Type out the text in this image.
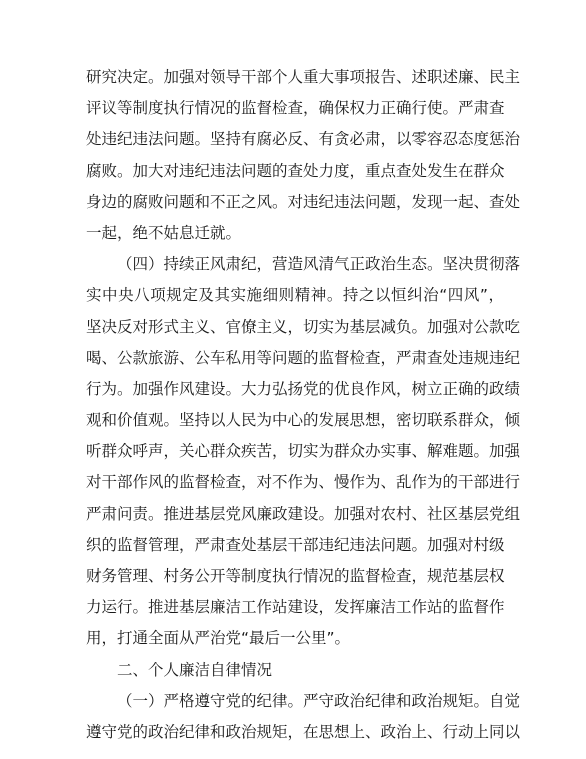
研究决定。加强对领导干部个人重大事项报告、述职述廉、民主
评议等制度执行情况的监督检查，确保权力正确行使。严肃查
处违纪违法问题。坚持有腐必反、有贪必肃，以零容忍态度惩治
腐败。加大对违纪违法问题的查处力度，重点查处发生在群众
身边的腐败问题和不正之风。对违纪违法问题，发现一起、查处
一起，绝不姑息迁就。
（四）持续正风肃纪，营造风清气正政治生态。坚决贯彻落
实中央八项规定及其实施细则精神。持之以恒纠治“四风”，
坚决反对形式主义、官僚主义，切实为基层减负。加强对公款吃
喝、公款旅游、公车私用等问题的监督检查，严肃查处违规违纪
行为。加强作风建设。大力弘扬党的优良作风，树立正确的政绩
观和价值观。坚持以人民为中心的发展思想，密切联系群众，倾
听群众呼声，关心群众疾苦，切实为群众办实事、解难题。加强
对干部作风的监督检查，对不作为、慢作为、乱作为的干部进行
严肃问责。推进基层党风廉政建设。加强对农村、社区基层党组
织的监督管理，严肃查处基层干部违纪违法问题。加强对村级
财务管理、村务公开等制度执行情况的监督检查，规范基层权
力运行。推进基层廉洁工作站建设，发挥廉洁工作站的监督作
用，打通全面从严治党“最后一公里”。
二、个人廉洁自律情况
（一）严格遵守党的纪律。严守政治纪律和政治规矩。自觉
遵守党的政治纪律和政治规矩，在思想上、政治上、行动上同以
